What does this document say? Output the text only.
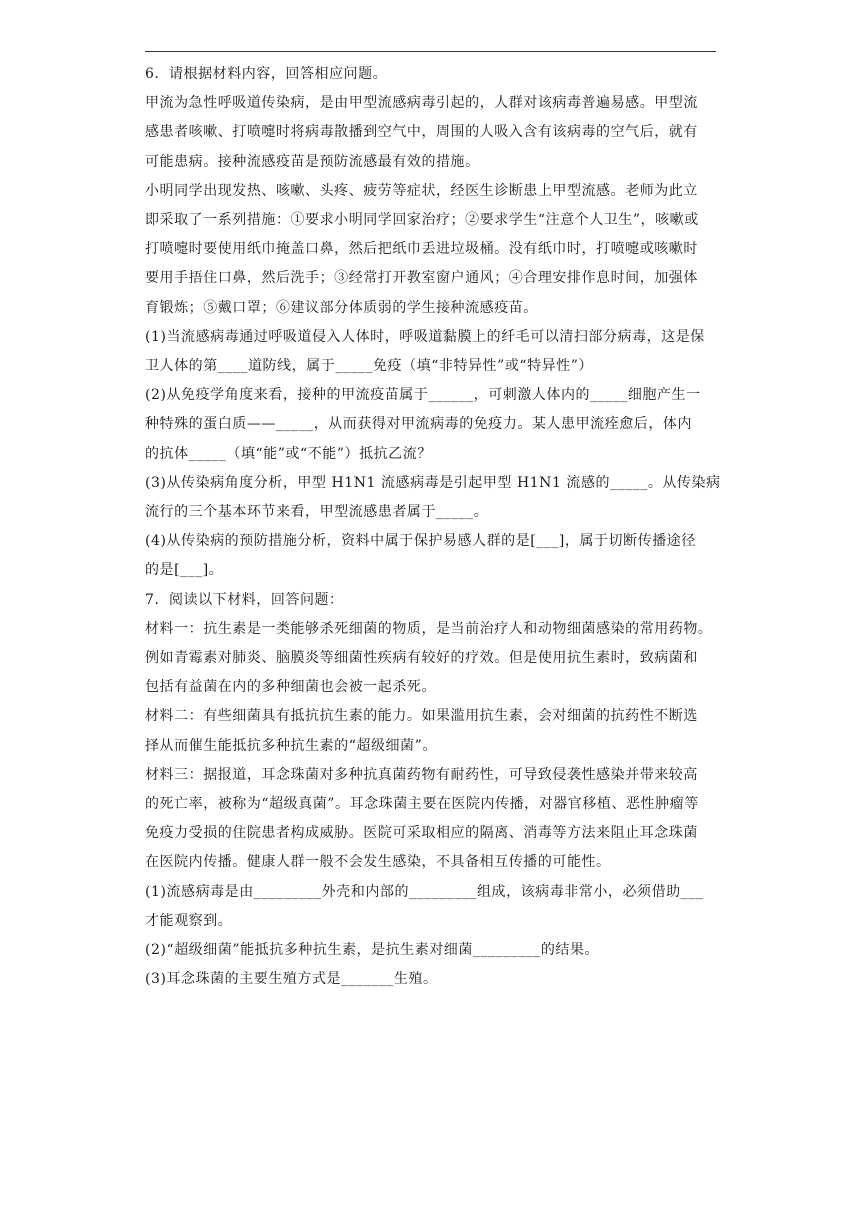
6．请根据材料内容，回答相应问题。

甲流为急性呼吸道传染病，是由甲型流感病毒引起的，人群对该病毒普遍易感。甲型流

感患者咳嗽、打喷嚏时将病毒散播到空气中，周围的人吸入含有该病毒的空气后，就有

可能患病。接种流感疫苗是预防流感最有效的措施。

小明同学出现发热、咳嗽、头疼、疲劳等症状，经医生诊断患上甲型流感。老师为此立

即采取了一系列措施：①要求小明同学回家治疗；②要求学生“注意个人卫生”，咳嗽或

打喷嚏时要使用纸巾掩盖口鼻，然后把纸巾丢进垃圾桶。没有纸巾时，打喷嚏或咳嗽时

要用手捂住口鼻，然后洗手；③经常打开教室窗户通风；④合理安排作息时间，加强体

育锻炼；⑤戴口罩；⑥建议部分体质弱的学生接种流感疫苗。

(1)当流感病毒通过呼吸道侵入人体时，呼吸道黏膜上的纤毛可以清扫部分病毒，这是保

卫人体的第____道防线，属于_____免疫（填“非特异性”或“特异性”）

(2)从免疫学角度来看，接种的甲流疫苗属于______，可刺激人体内的_____细胞产生一

种特殊的蛋白质——_____，从而获得对甲流病毒的免疫力。某人患甲流痊愈后，体内

的抗体_____（填“能”或“不能”）抵抗乙流？

(3)从传染病角度分析，甲型 H1N1 流感病毒是引起甲型 H1N1 流感的_____。从传染病

流行的三个基本环节来看，甲型流感患者属于_____。

(4)从传染病的预防措施分析，资料中属于保护易感人群的是[___]，属于切断传播途径

的是[___]。

7．阅读以下材料，回答问题：

材料一：抗生素是一类能够杀死细菌的物质，是当前治疗人和动物细菌感染的常用药物。

例如青霉素对肺炎、脑膜炎等细菌性疾病有较好的疗效。但是使用抗生素时，致病菌和

包括有益菌在内的多种细菌也会被一起杀死。

材料二：有些细菌具有抵抗抗生素的能力。如果滥用抗生素，会对细菌的抗药性不断选

择从而催生能抵抗多种抗生素的“超级细菌”。

材料三：据报道，耳念珠菌对多种抗真菌药物有耐药性，可导致侵袭性感染并带来较高

的死亡率，被称为“超级真菌”。耳念珠菌主要在医院内传播，对器官移植、恶性肿瘤等

免疫力受损的住院患者构成威胁。医院可采取相应的隔离、消毒等方法来阻止耳念珠菌

在医院内传播。健康人群一般不会发生感染，不具备相互传播的可能性。

(1)流感病毒是由_________外壳和内部的_________组成，该病毒非常小，必须借助___

才能观察到。

(2)“超级细菌”能抵抗多种抗生素，是抗生素对细菌_________的结果。

(3)耳念珠菌的主要生殖方式是_______生殖。
